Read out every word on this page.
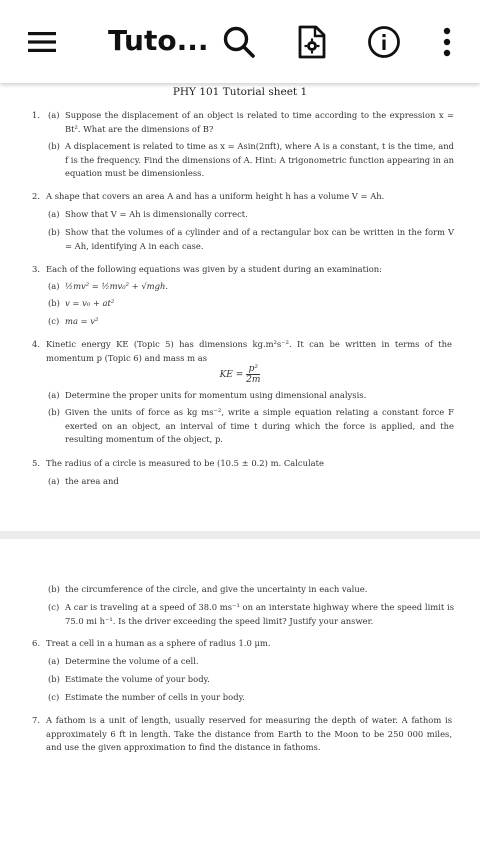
Tuto...
PHY 101 Tutorial sheet 1
1. (a) Suppose the displacement of an object is related to time according to the expression x = Bt². What are the dimensions of B?
(b) A displacement is related to time as x = Asin(2πft), where A is a constant, t is the time, and f is the frequency. Find the dimensions of A. Hint: A trigonometric function appearing in an equation must be dimensionless.
2. A shape that covers an area A and has a uniform height h has a volume V = Ah.
(a) Show that V = Ah is dimensionally correct.
(b) Show that the volumes of a cylinder and of a rectangular box can be written in the form V = Ah, identifying A in each case.
3. Each of the following equations was given by a student during an examination:
(a) ½mv² = ½mv₀² + √mgh.
(b) v = v₀ + at²
(c) ma = v²
4. Kinetic energy KE (Topic 5) has dimensions kg.m²s⁻². It can be written in terms of the momentum p (Topic 6) and mass m as
KE = $\frac{\text{p²}}{2m}$
(a) Determine the proper units for momentum using dimensional analysis.
(b) Given the units of force as kg ms⁻², write a simple equation relating a constant force F exerted on an object, an interval of time t during which the force is applied, and the resulting momentum of the object, p.
5. The radius of a circle is measured to be (10.5 ± 0.2) m. Calculate
(a) the area and
(b) the circumference of the circle, and give the uncertainty in each value.
(c) A car is traveling at a speed of 38.0 ms⁻¹ on an interstate highway where the speed limit is 75.0 mi h⁻¹. Is the driver exceeding the speed limit? Justify your answer.
6. Treat a cell in a human as a sphere of radius 1.0 μm.
(a) Determine the volume of a cell.
(b) Estimate the volume of your body.
(c) Estimate the number of cells in your body.
7. A fathom is a unit of length, usually reserved for measuring the depth of water. A fathom is approximately 6 ft in length. Take the distance from Earth to the Moon to be 250 000 miles, and use the given approximation to find the distance in fathoms.
